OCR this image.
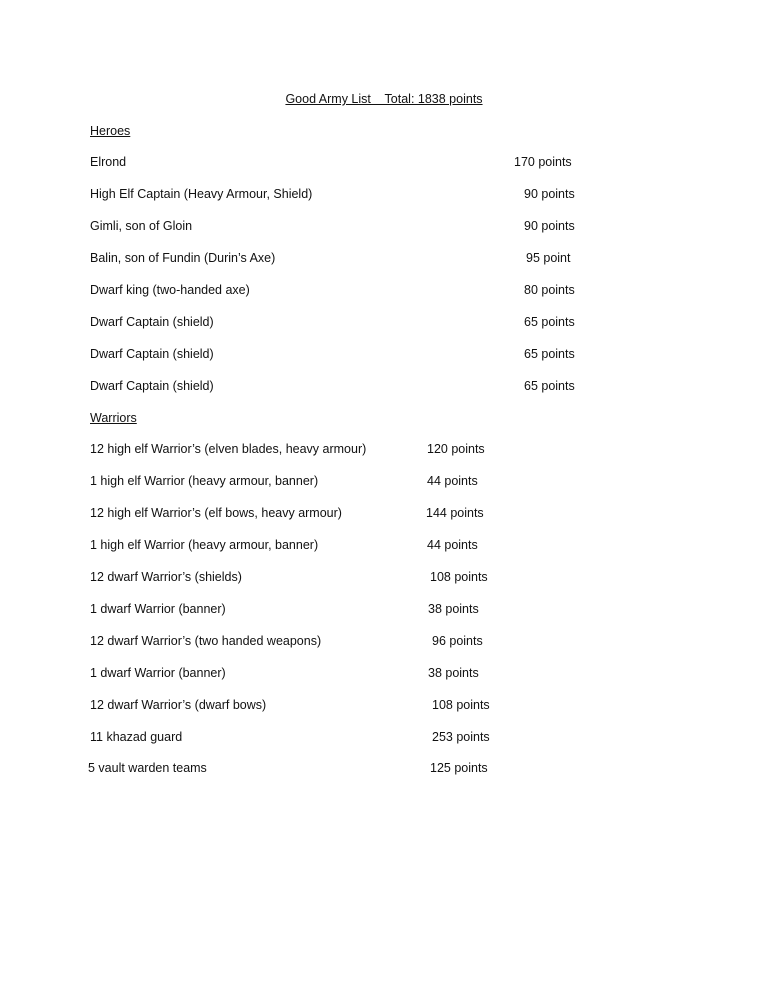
Good Army List    Total: 1838 points
Heroes
Elrond	170 points
High Elf Captain (Heavy Armour, Shield)	90 points
Gimli, son of Gloin	90 points
Balin, son of Fundin (Durin’s Axe)	95 point
Dwarf king (two-handed axe)	80 points
Dwarf Captain (shield)	65 points
Dwarf Captain (shield)	65 points
Dwarf Captain (shield)	65 points
Warriors
12 high elf Warrior’s (elven blades, heavy armour)	120 points
1 high elf Warrior (heavy armour, banner)	44 points
12 high elf Warrior’s (elf bows, heavy armour)	144 points
1 high elf Warrior (heavy armour, banner)	44 points
12 dwarf Warrior’s (shields)	108 points
1 dwarf Warrior (banner)	38 points
12 dwarf Warrior’s (two handed weapons)	96 points
1 dwarf Warrior (banner)	38 points
12 dwarf Warrior’s (dwarf bows)	108 points
11 khazad guard	253 points
5 vault warden teams	125 points
